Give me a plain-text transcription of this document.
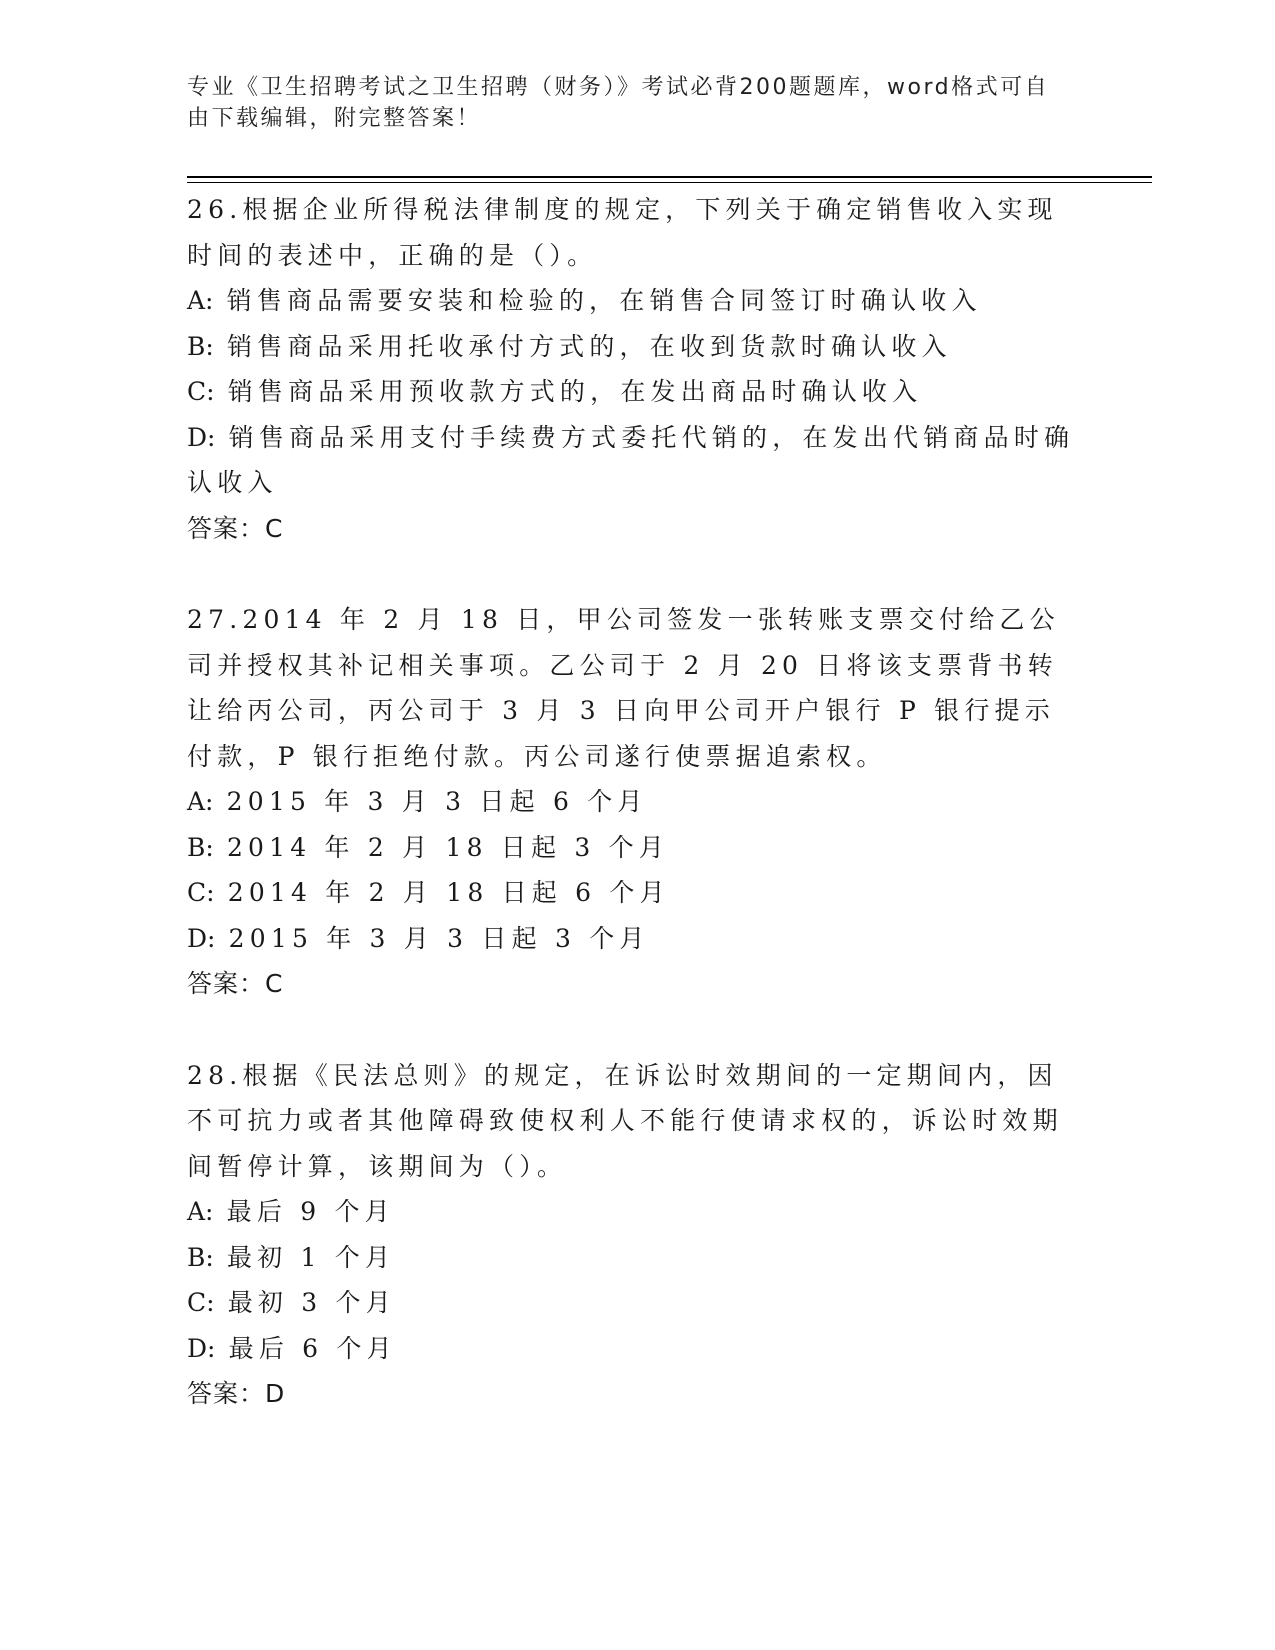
专业《卫生招聘考试之卫生招聘（财务）》考试必背200题题库，word格式可自由下载编辑，附完整答案！

26.根据企业所得税法律制度的规定，下列关于确定销售收入实现时间的表述中，正确的是（）。

A: 销售商品需要安装和检验的，在销售合同签订时确认收入

B: 销售商品采用托收承付方式的，在收到货款时确认收入

C: 销售商品采用预收款方式的，在发出商品时确认收入

D: 销售商品采用支付手续费方式委托代销的，在发出代销商品时确认收入

答案：C

27.2014 年 2 月 18 日，甲公司签发一张转账支票交付给乙公司并授权其补记相关事项。乙公司于 2 月 20 日将该支票背书转让给丙公司，丙公司于 3 月 3 日向甲公司开户银行 P 银行提示付款，P 银行拒绝付款。丙公司遂行使票据追索权。

A: 2015 年 3 月 3 日起 6 个月

B: 2014 年 2 月 18 日起 3 个月

C: 2014 年 2 月 18 日起 6 个月

D: 2015 年 3 月 3 日起 3 个月

答案：C

28.根据《民法总则》的规定，在诉讼时效期间的一定期间内，因不可抗力或者其他障碍致使权利人不能行使请求权的，诉讼时效期间暂停计算，该期间为（）。

A: 最后 9 个月

B: 最初 1 个月

C: 最初 3 个月

D: 最后 6 个月

答案：D
